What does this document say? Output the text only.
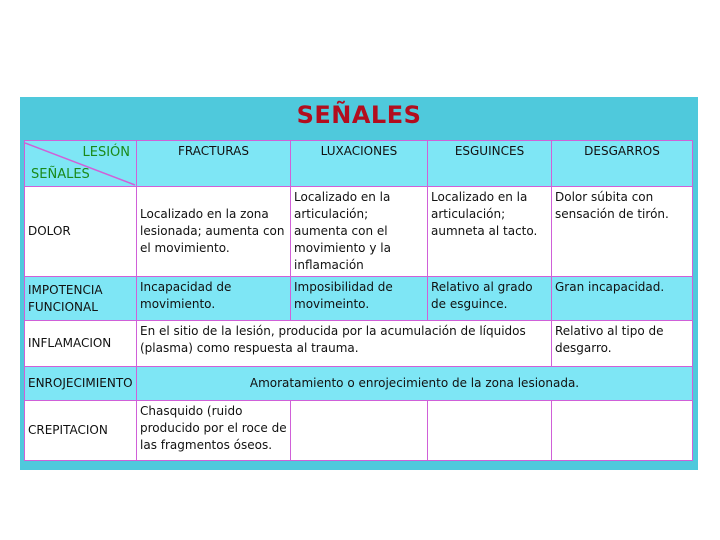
SEÑALES
LESIÓN
SEÑALES	FRACTURAS	LUXACIONES	ESGUINCES	DESGARROS
DOLOR	Localizado en la zona lesionada; aumenta con el movimiento.	Localizado en la articulación; aumenta con el movimiento y la inflamación	Localizado en la articulación; aumneta al tacto.	Dolor súbita con sensación de tirón.
IMPOTENCIA FUNCIONAL	Incapacidad de movimiento.	Imposibilidad de movimeinto.	Relativo al grado de esguince.	Gran incapacidad.
INFLAMACION	En el sitio de la lesión, producida por la acumulación de líquidos (plasma) como respuesta al trauma.			Relativo al tipo de desgarro.
ENROJECIMIENTO	Amoratamiento o enrojecimiento de la zona lesionada.			
CREPITACION	Chasquido (ruido producido por el roce de las fragmentos óseos.			
